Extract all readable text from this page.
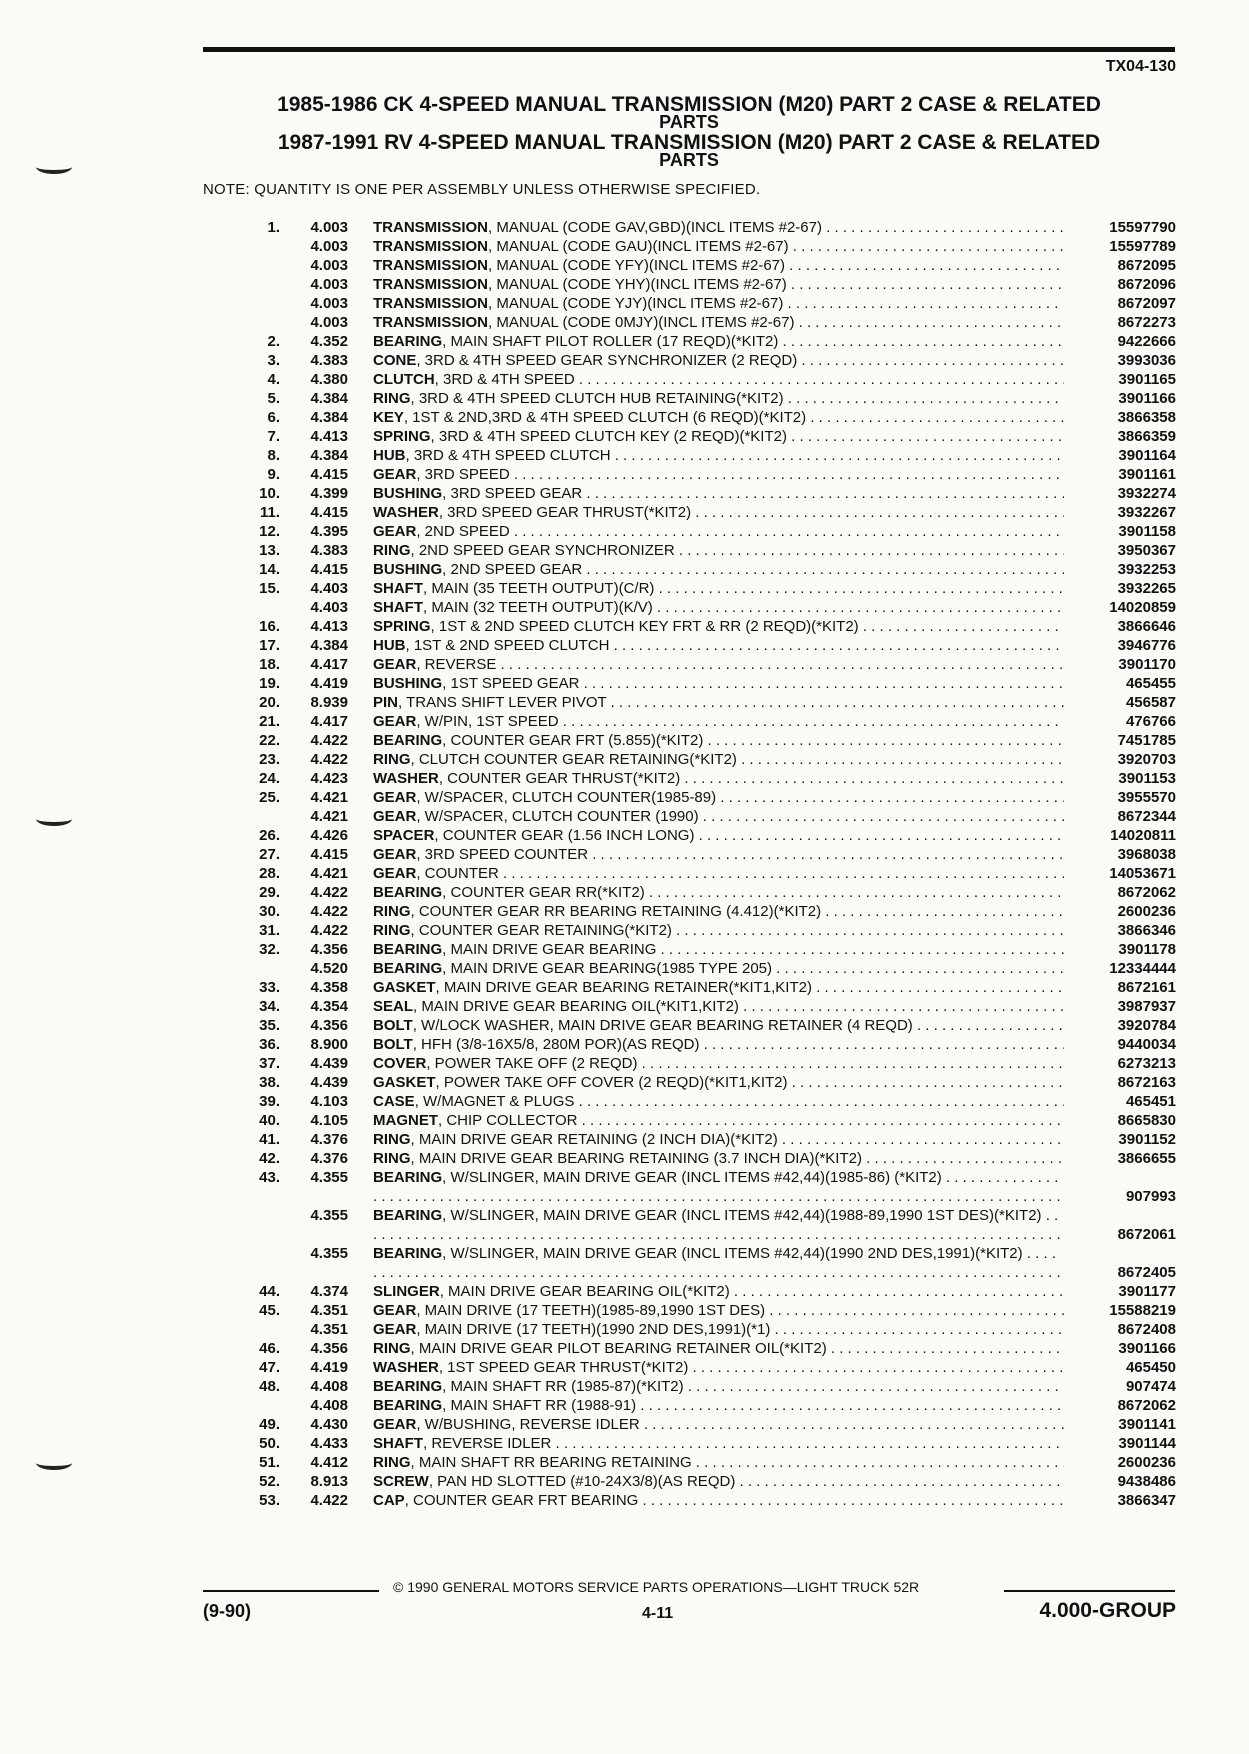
TX04-130
1985-1986 CK 4-SPEED MANUAL TRANSMISSION (M20) PART 2 CASE & RELATED
PARTS
1987-1991 RV 4-SPEED MANUAL TRANSMISSION (M20) PART 2 CASE & RELATED
PARTS
NOTE: QUANTITY IS ONE PER ASSEMBLY UNLESS OTHERWISE SPECIFIED.
1.	4.003 TRANSMISSION, MANUAL (CODE GAV,GBD)(INCL ITEMS #2-67) . . .	15597790
4.003 TRANSMISSION, MANUAL (CODE GAU)(INCL ITEMS #2-67) . . .	15597789
4.003 TRANSMISSION, MANUAL (CODE YFY)(INCL ITEMS #2-67) . . .	8672095
4.003 TRANSMISSION, MANUAL (CODE YHY)(INCL ITEMS #2-67) . . .	8672096
4.003 TRANSMISSION, MANUAL (CODE YJY)(INCL ITEMS #2-67) . . .	8672097
4.003 TRANSMISSION, MANUAL (CODE 0MJY)(INCL ITEMS #2-67) . . .	8672273
2.	4.352 BEARING, MAIN SHAFT PILOT ROLLER (17 REQD)(*KIT2) . . .	9422666
3.	4.383 CONE, 3RD & 4TH SPEED GEAR SYNCHRONIZER (2 REQD) . . .	3993036
4.	4.380 CLUTCH, 3RD & 4TH SPEED . . .	3901165
5.	4.384 RING, 3RD & 4TH SPEED CLUTCH HUB RETAINING(*KIT2) . . .	3901166
6.	4.384 KEY, 1ST & 2ND,3RD & 4TH SPEED CLUTCH (6 REQD)(*KIT2) . . .	3866358
7.	4.413 SPRING, 3RD & 4TH SPEED CLUTCH KEY (2 REQD)(*KIT2) . . .	3866359
8.	4.384 HUB, 3RD & 4TH SPEED CLUTCH . . .	3901164
9.	4.415 GEAR, 3RD SPEED . . .	3901161
10.	4.399 BUSHING, 3RD SPEED GEAR . . .	3932274
11.	4.415 WASHER, 3RD SPEED GEAR THRUST(*KIT2) . . .	3932267
12.	4.395 GEAR, 2ND SPEED . . .	3901158
13.	4.383 RING, 2ND SPEED GEAR SYNCHRONIZER . . .	3950367
14.	4.415 BUSHING, 2ND SPEED GEAR . . .	3932253
15.	4.403 SHAFT, MAIN (35 TEETH OUTPUT)(C/R) . . .	3932265
4.403 SHAFT, MAIN (32 TEETH OUTPUT)(K/V) . . .	14020859
16.	4.413 SPRING, 1ST & 2ND SPEED CLUTCH KEY FRT & RR (2 REQD)(*KIT2) . . .	3866646
17.	4.384 HUB, 1ST & 2ND SPEED CLUTCH . . .	3946776
18.	4.417 GEAR, REVERSE . . .	3901170
19.	4.419 BUSHING, 1ST SPEED GEAR . . .	465455
20.	8.939 PIN, TRANS SHIFT LEVER PIVOT . . .	456587
21.	4.417 GEAR, W/PIN, 1ST SPEED . . .	476766
22.	4.422 BEARING, COUNTER GEAR FRT (5.855)(*KIT2) . . .	7451785
23.	4.422 RING, CLUTCH COUNTER GEAR RETAINING(*KIT2) . . .	3920703
24.	4.423 WASHER, COUNTER GEAR THRUST(*KIT2) . . .	3901153
25.	4.421 GEAR, W/SPACER, CLUTCH COUNTER(1985-89) . . .	3955570
4.421 GEAR, W/SPACER, CLUTCH COUNTER (1990) . . .	8672344
26.	4.426 SPACER, COUNTER GEAR (1.56 INCH LONG) . . .	14020811
27.	4.415 GEAR, 3RD SPEED COUNTER . . .	3968038
28.	4.421 GEAR, COUNTER . . .	14053671
29.	4.422 BEARING, COUNTER GEAR RR(*KIT2) . . .	8672062
30.	4.422 RING, COUNTER GEAR RR BEARING RETAINING (4.412)(*KIT2) . . .	2600236
31.	4.422 RING, COUNTER GEAR RETAINING(*KIT2) . . .	3866346
32.	4.356 BEARING, MAIN DRIVE GEAR BEARING . . .	3901178
4.520 BEARING, MAIN DRIVE GEAR BEARING(1985 TYPE 205) . . .	12334444
33.	4.358 GASKET, MAIN DRIVE GEAR BEARING RETAINER(*KIT1,KIT2) . . .	8672161
34.	4.354 SEAL, MAIN DRIVE GEAR BEARING OIL(*KIT1,KIT2) . . .	3987937
35.	4.356 BOLT, W/LOCK WASHER, MAIN DRIVE GEAR BEARING RETAINER (4 REQD) . . .	3920784
36.	8.900 BOLT, HFH (3/8-16X5/8, 280M POR)(AS REQD) . . .	9440034
37.	4.439 COVER, POWER TAKE OFF (2 REQD) . . .	6273213
38.	4.439 GASKET, POWER TAKE OFF COVER (2 REQD)(*KIT1,KIT2) . . .	8672163
39.	4.103 CASE, W/MAGNET & PLUGS . . .	465451
40.	4.105 MAGNET, CHIP COLLECTOR . . .	8665830
41.	4.376 RING, MAIN DRIVE GEAR RETAINING (2 INCH DIA)(*KIT2) . . .	3901152
42.	4.376 RING, MAIN DRIVE GEAR BEARING RETAINING (3.7 INCH DIA)(*KIT2) . . .	3866655
43.	4.355 BEARING, W/SLINGER, MAIN DRIVE GEAR (INCL ITEMS #42,44)(1985-86) (*KIT2) . . .
907993
4.355 BEARING, W/SLINGER, MAIN DRIVE GEAR (INCL ITEMS #42,44)(1988-89,1990 1ST DES)(*KIT2) . . .
8672061
4.355 BEARING, W/SLINGER, MAIN DRIVE GEAR (INCL ITEMS #42,44)(1990 2ND DES,1991)(*KIT2) . . .
8672405
44.	4.374 SLINGER, MAIN DRIVE GEAR BEARING OIL(*KIT2) . . .	3901177
45.	4.351 GEAR, MAIN DRIVE (17 TEETH)(1985-89,1990 1ST DES) . . .	15588219
4.351 GEAR, MAIN DRIVE (17 TEETH)(1990 2ND DES,1991)(*1) . . .	8672408
46.	4.356 RING, MAIN DRIVE GEAR PILOT BEARING RETAINER OIL(*KIT2) . . .	3901166
47.	4.419 WASHER, 1ST SPEED GEAR THRUST(*KIT2) . . .	465450
48.	4.408 BEARING, MAIN SHAFT RR (1985-87)(*KIT2) . . .	907474
4.408 BEARING, MAIN SHAFT RR (1988-91) . . .	8672062
49.	4.430 GEAR, W/BUSHING, REVERSE IDLER . . .	3901141
50.	4.433 SHAFT, REVERSE IDLER . . .	3901144
51.	4.412 RING, MAIN SHAFT RR BEARING RETAINING . . .	2600236
52.	8.913 SCREW, PAN HD SLOTTED (#10-24X3/8)(AS REQD) . . .	9438486
53.	4.422 CAP, COUNTER GEAR FRT BEARING . . .	3866347
© 1990 GENERAL MOTORS SERVICE PARTS OPERATIONS—LIGHT TRUCK 52R
(9-90)	4-11	4.000-GROUP
